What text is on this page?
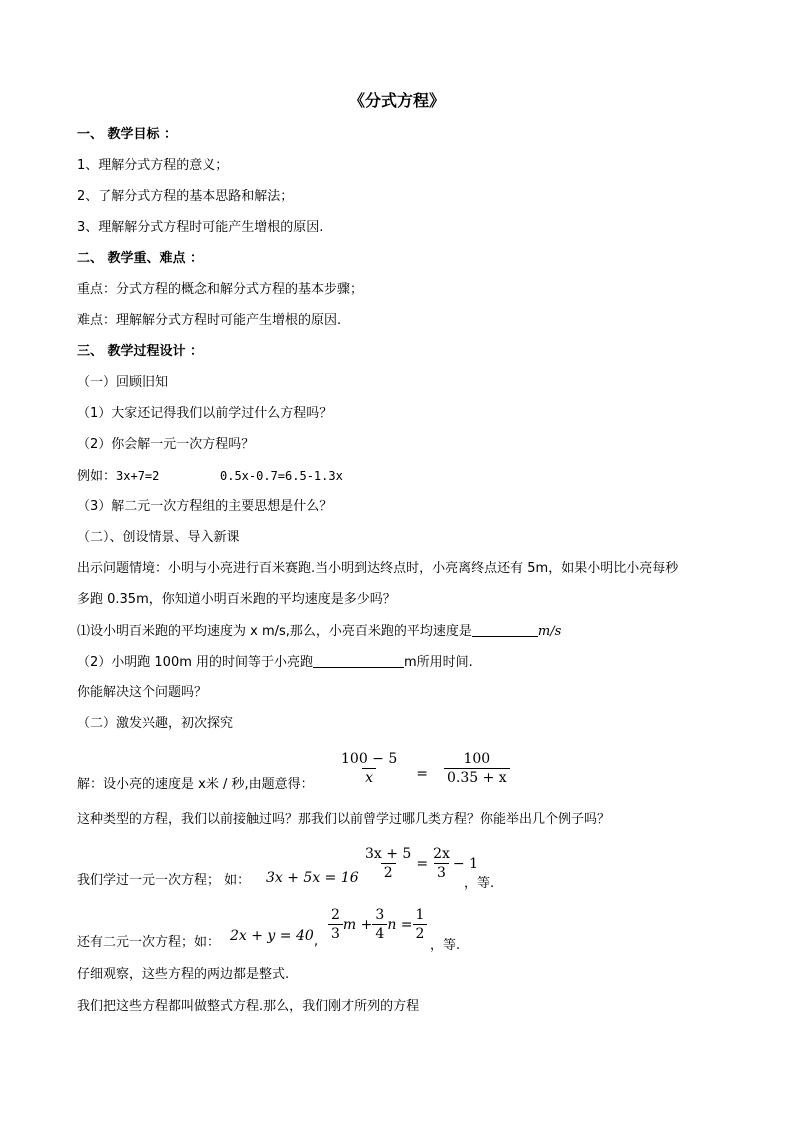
《分式方程》
一、 教学目标 ：
1、理解分式方程的意义；
2、了解分式方程的基本思路和解法；
3、理解解分式方程时可能产生增根的原因.
二、 教学重、难点 ：
重点：分式方程的概念和解分式方程的基本步骤；
难点：理解解分式方程时可能产生增根的原因.
三、 教学过程设计 ：
（一）回顾旧知
（1）大家还记得我们以前学过什么方程吗？
（2）你会解一元一次方程吗？
例如：3x+7=2	0.5x-0.7=6.5-1.3x
（3）解二元一次方程组的主要思想是什么？
（二）、创设情景、导入新课
出示问题情境：小明与小亮进行百米赛跑.当小明到达终点时，小亮离终点还有 5m，如果小明比小亮每秒
多跑 0.35m，你知道小明百米跑的平均速度是多少吗？
⑴设小明百米跑的平均速度为 x m/s,那么，小亮百米跑的平均速度是	m/s
（2）小明跑 100m 用的时间等于小亮跑	m所用时间.
你能解决这个问题吗？
（二）激发兴趣，初次探究
解：设小亮的速度是 x米 / 秒,由题意得： $\frac{100 - 5}{x} = \frac{100}{0.35 + x}$
这种类型的方程，我们以前接触过吗？那我们以前曾学过哪几类方程？你能举出几个例子吗？
我们学过一元一次方程； 如： $3x + 5x = 16 \frac{3x + 5}{2} = \frac{2x}{3} - 1$
，等.
还有二元一次方程；如： 2x + y = 40 , $\frac{2}{3}$ $m + \frac{3}{4}$ $n = \frac{1}{2}$
，等.
仔细观察，这些方程的两边都是整式.
我们把这些方程都叫做整式方程.那么，我们刚才所列的方程
